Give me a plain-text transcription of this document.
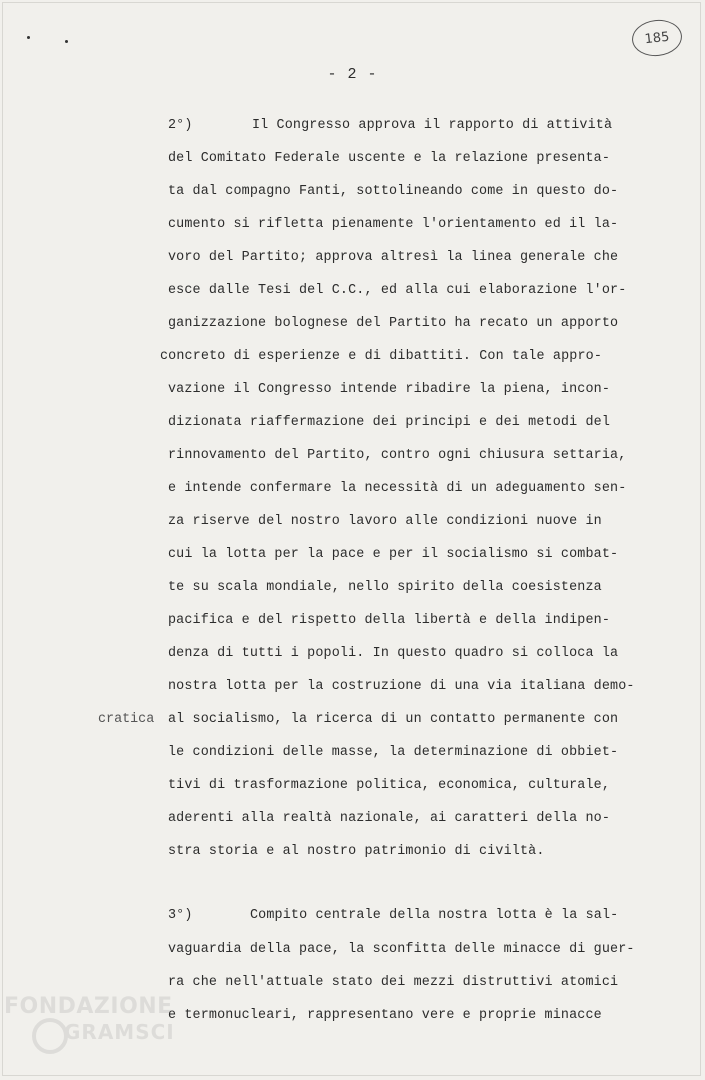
185
- 2 -
2°)	Il Congresso approva il rapporto di attività
del Comitato Federale uscente e la relazione presenta-
ta dal compagno Fanti, sottolineando come in questo do-
cumento si rifletta pienamente l'orientamento ed il la-
voro del Partito; approva altresì la linea generale che
esce dalle Tesi del C.C., ed alla cui elaborazione l'or-
ganizzazione bolognese del Partito ha recato un apporto
concreto di esperienze e di dibattiti. Con tale appro-
vazione il Congresso intende ribadire la piena, incon-
dizionata riaffermazione dei principi e dei metodi del
rinnovamento del Partito, contro ogni chiusura settaria,
e intende confermare la necessità di un adeguamento sen-
za riserve del nostro lavoro alle condizioni nuove in
cui la lotta per la pace e per il socialismo si combat-
te su scala mondiale, nello spirito della coesistenza
pacifica e del rispetto della libertà e della indipen-
denza di tutti i popoli. In questo quadro si colloca la
nostra lotta per la costruzione di una via italiana demo-
cratica al socialismo, la ricerca di un contatto permanente con
le condizioni delle masse, la determinazione di obbiet-
tivi di trasformazione politica, economica, culturale,
aderenti alla realtà nazionale, ai caratteri della no-
stra storia e al nostro patrimonio di civiltà.
3°)	Compito centrale della nostra lotta è la sal-
vaguardia della pace, la sconfitta delle minacce di guer-
ra che nell'attuale stato dei mezzi distruttivi atomici
e termonucleari, rappresentano vere e proprie minacce
FONDAZIONE
GRAMSCI
